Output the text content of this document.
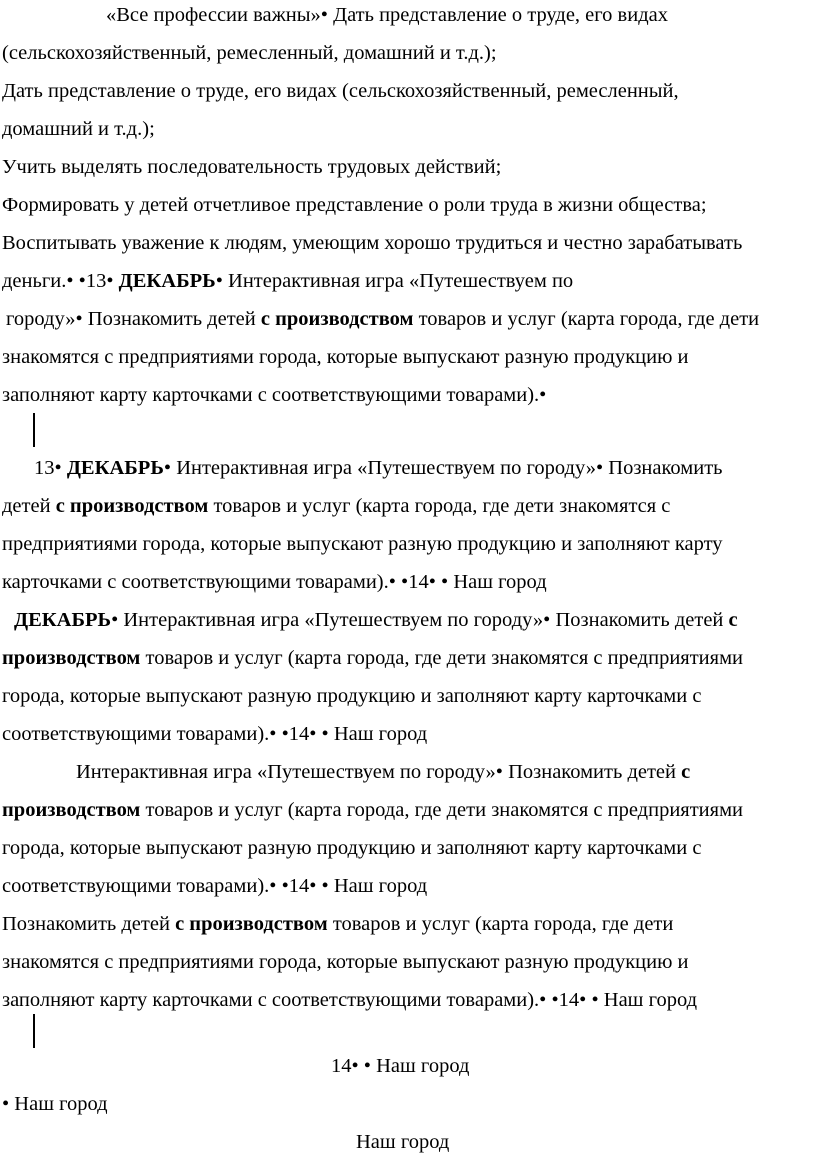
«Все профессии важны»• Дать представление о труде, его видах
(сельскохозяйственный, ремесленный, домашний и т.д.);
Дать представление о труде, его видах (сельскохозяйственный, ремесленный,
домашний и т.д.);
Учить выделять последовательность трудовых действий;
Формировать у детей отчетливое представление о роли труда в жизни общества;
Воспитывать уважение к людям, умеющим хорошо трудиться и честно зарабатывать
деньги.• •13• ДЕКАБРЬ• Интерактивная игра «Путешествуем по
городу»• Познакомить детей с производством товаров и услуг (карта города, где дети
знакомятся с предприятиями города, которые выпускают разную продукцию и
заполняют карту карточками с соответствующими товарами).•
13• ДЕКАБРЬ• Интерактивная игра «Путешествуем по городу»• Познакомить
детей с производством товаров и услуг (карта города, где дети знакомятся с
предприятиями города, которые выпускают разную продукцию и заполняют карту
карточками с соответствующими товарами).• •14• • Наш город
ДЕКАБРЬ• Интерактивная игра «Путешествуем по городу»• Познакомить детей с
производством товаров и услуг (карта города, где дети знакомятся с предприятиями
города, которые выпускают разную продукцию и заполняют карту карточками с
соответствующими товарами).• •14• • Наш город
Интерактивная игра «Путешествуем по городу»• Познакомить детей с
производством товаров и услуг (карта города, где дети знакомятся с предприятиями
города, которые выпускают разную продукцию и заполняют карту карточками с
соответствующими товарами).• •14• • Наш город
Познакомить детей с производством товаров и услуг (карта города, где дети
знакомятся с предприятиями города, которые выпускают разную продукцию и
заполняют карту карточками с соответствующими товарами).• •14• • Наш город
14• • Наш город
• Наш город
Наш город
